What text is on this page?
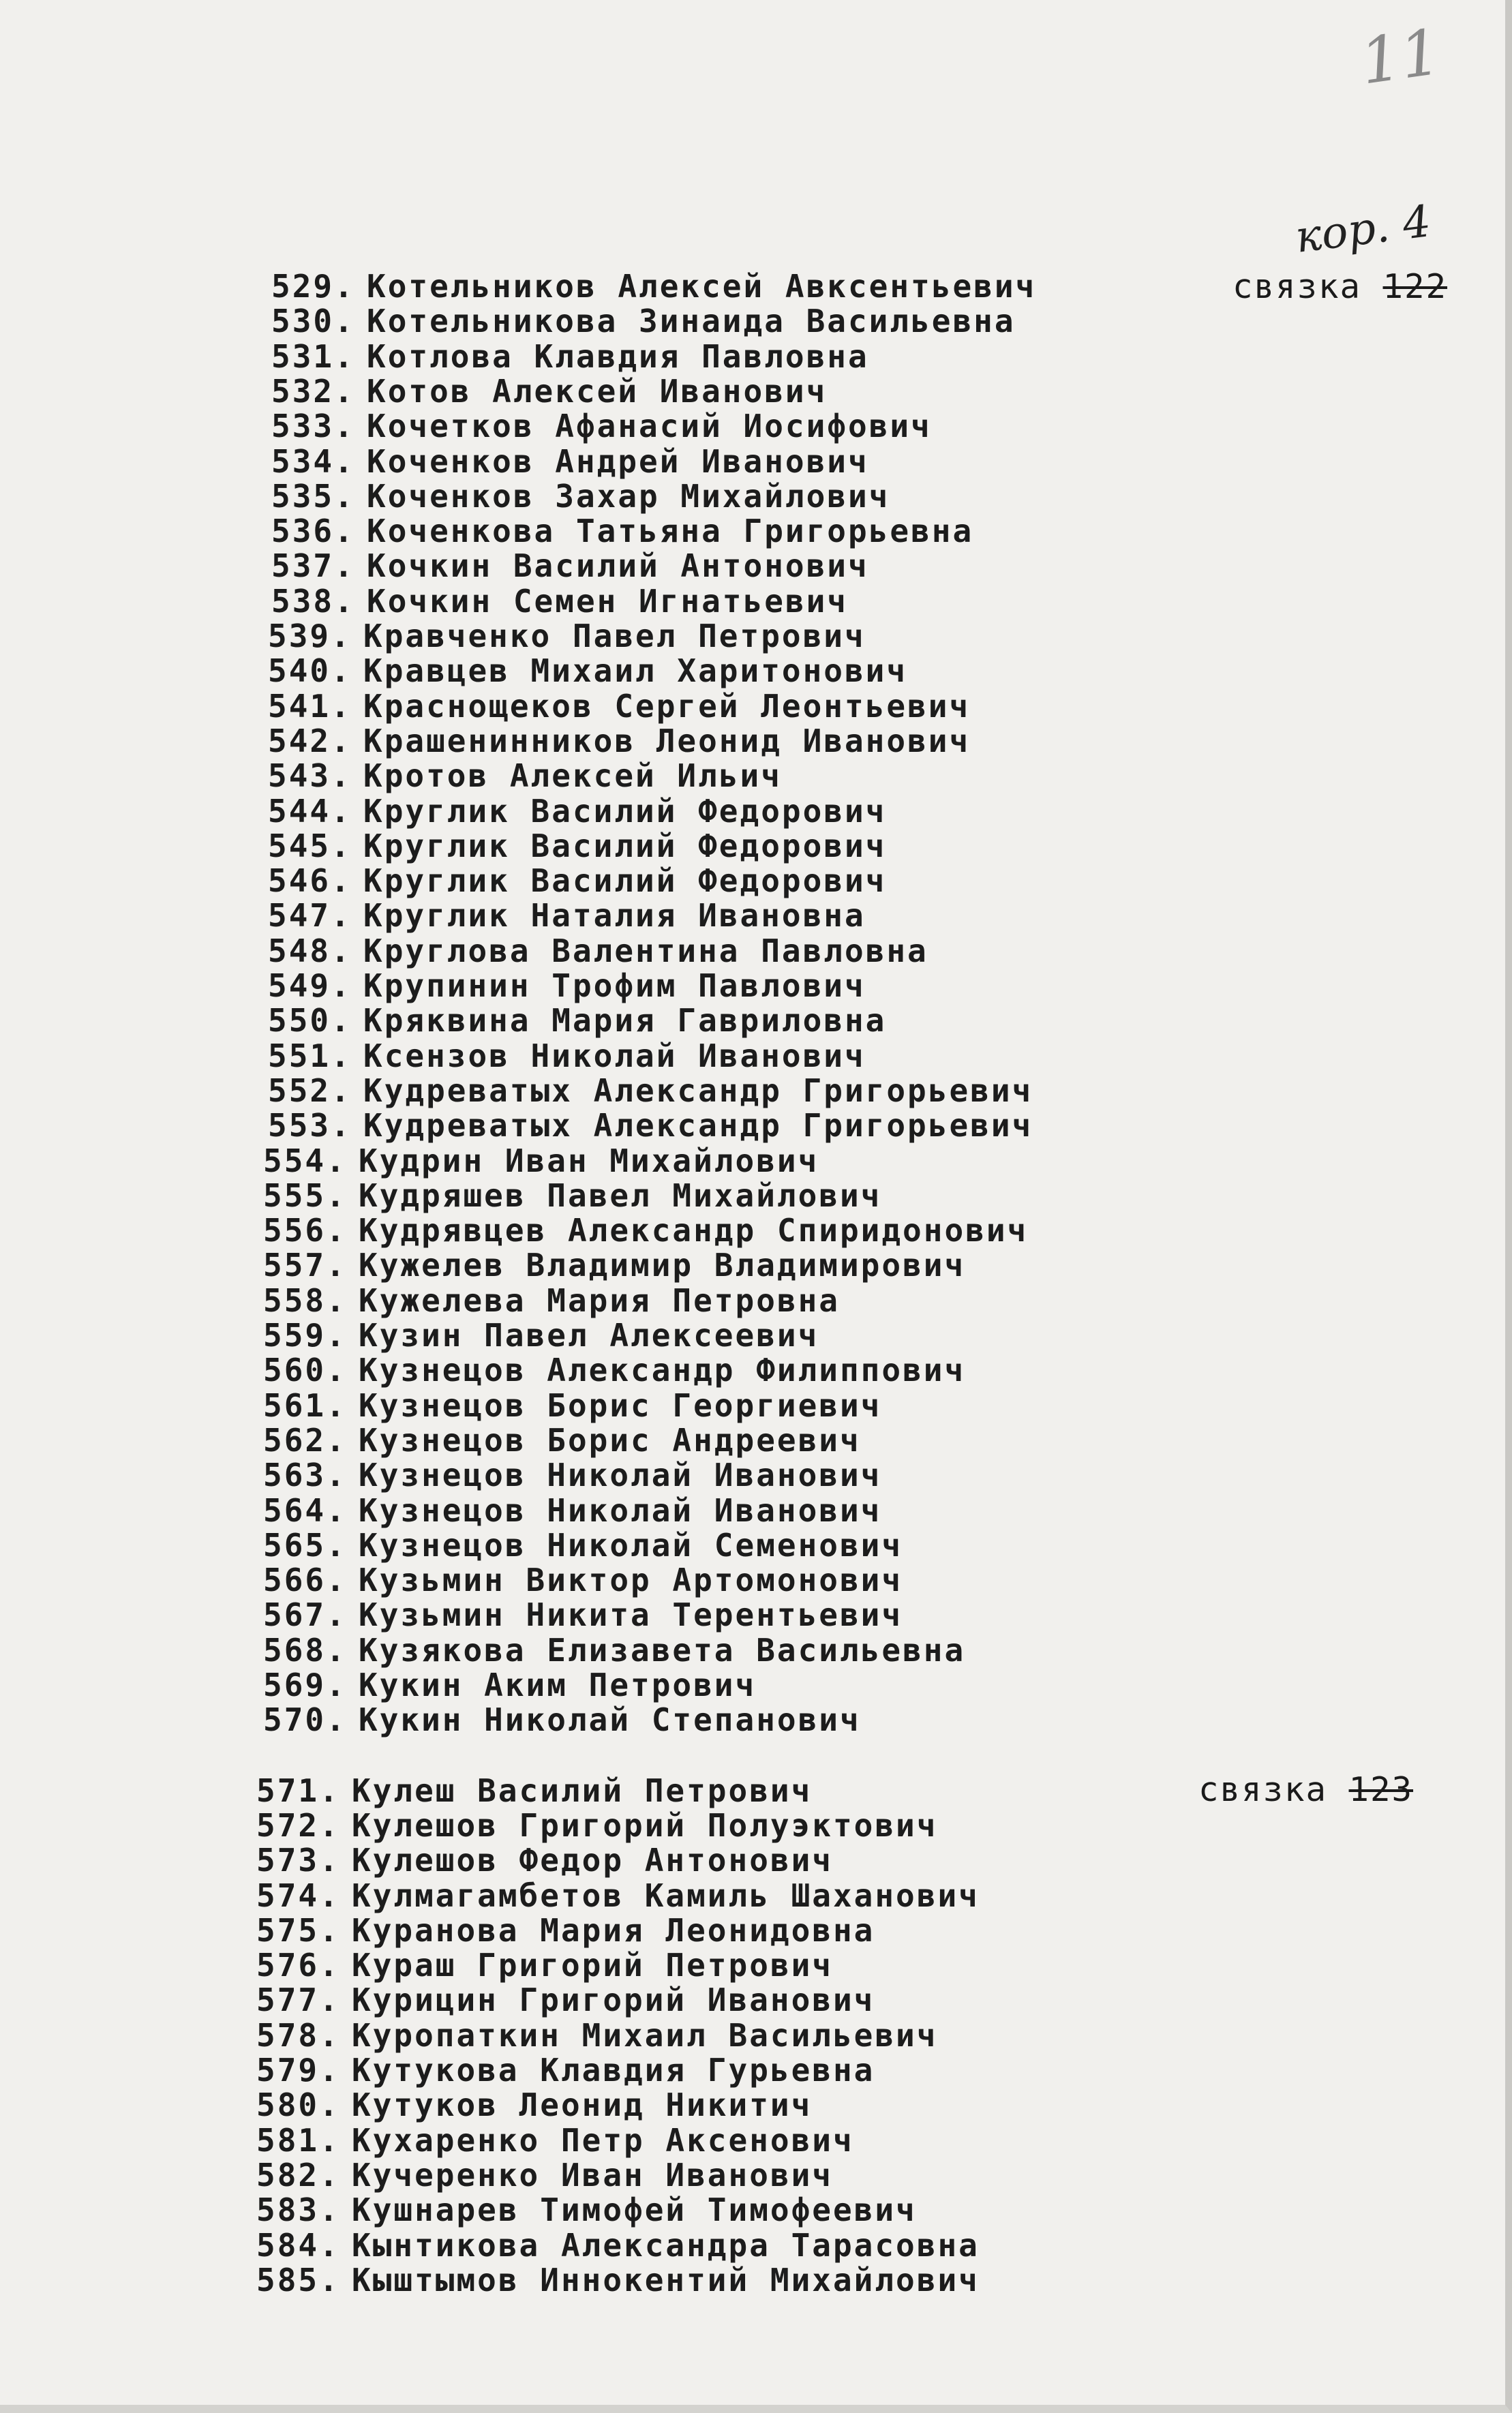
11
кор. 4
связка 122
связка 123
529. Котельников Алексей Авксентьевич
530. Котельникова Зинаида Васильевна
531. Котлова Клавдия Павловна
532. Котов Алексей Иванович
533. Кочетков Афанасий Иосифович
534. Коченков Андрей Иванович
535. Коченков Захар Михайлович
536. Коченкова Татьяна Григорьевна
537. Кочкин Василий Антонович
538. Кочкин Семен Игнатьевич
539. Кравченко Павел Петрович
540. Кравцев Михаил Харитонович
541. Краснощеков Сергей Леонтьевич
542. Крашенинников Леонид Иванович
543. Кротов Алексей Ильич
544. Круглик Василий Федорович
545. Круглик Василий Федорович
546. Круглик Василий Федорович
547. Круглик Наталия Ивановна
548. Круглова Валентина Павловна
549. Крупинин Трофим Павлович
550. Кряквина Мария Гавриловна
551. Ксензов Николай Иванович
552. Кудреватых Александр Григорьевич
553. Кудреватых Александр Григорьевич
554. Кудрин Иван Михайлович
555. Кудряшев Павел Михайлович
556. Кудрявцев Александр Спиридонович
557. Кужелев Владимир Владимирович
558. Кужелева Мария Петровна
559. Кузин Павел Алексеевич
560. Кузнецов Александр Филиппович
561. Кузнецов Борис Георгиевич
562. Кузнецов Борис Андреевич
563. Кузнецов Николай Иванович
564. Кузнецов Николай Иванович
565. Кузнецов Николай Семенович
566. Кузьмин Виктор Артомонович
567. Кузьмин Никита Терентьевич
568. Кузякова Елизавета Васильевна
569. Кукин Аким Петрович
570. Кукин Николай Степанович
571. Кулеш Василий Петрович
572. Кулешов Григорий Полуэктович
573. Кулешов Федор Антонович
574. Кулмагамбетов Камиль Шаханович
575. Куранова Мария Леонидовна
576. Кураш Григорий Петрович
577. Курицин Григорий Иванович
578. Куропаткин Михаил Васильевич
579. Кутукова Клавдия Гурьевна
580. Кутуков Леонид Никитич
581. Кухаренко Петр Аксенович
582. Кучеренко Иван Иванович
583. Кушнарев Тимофей Тимофеевич
584. Кынтикова Александра Тарасовна
585. Кыштымов Иннокентий Михайлович
